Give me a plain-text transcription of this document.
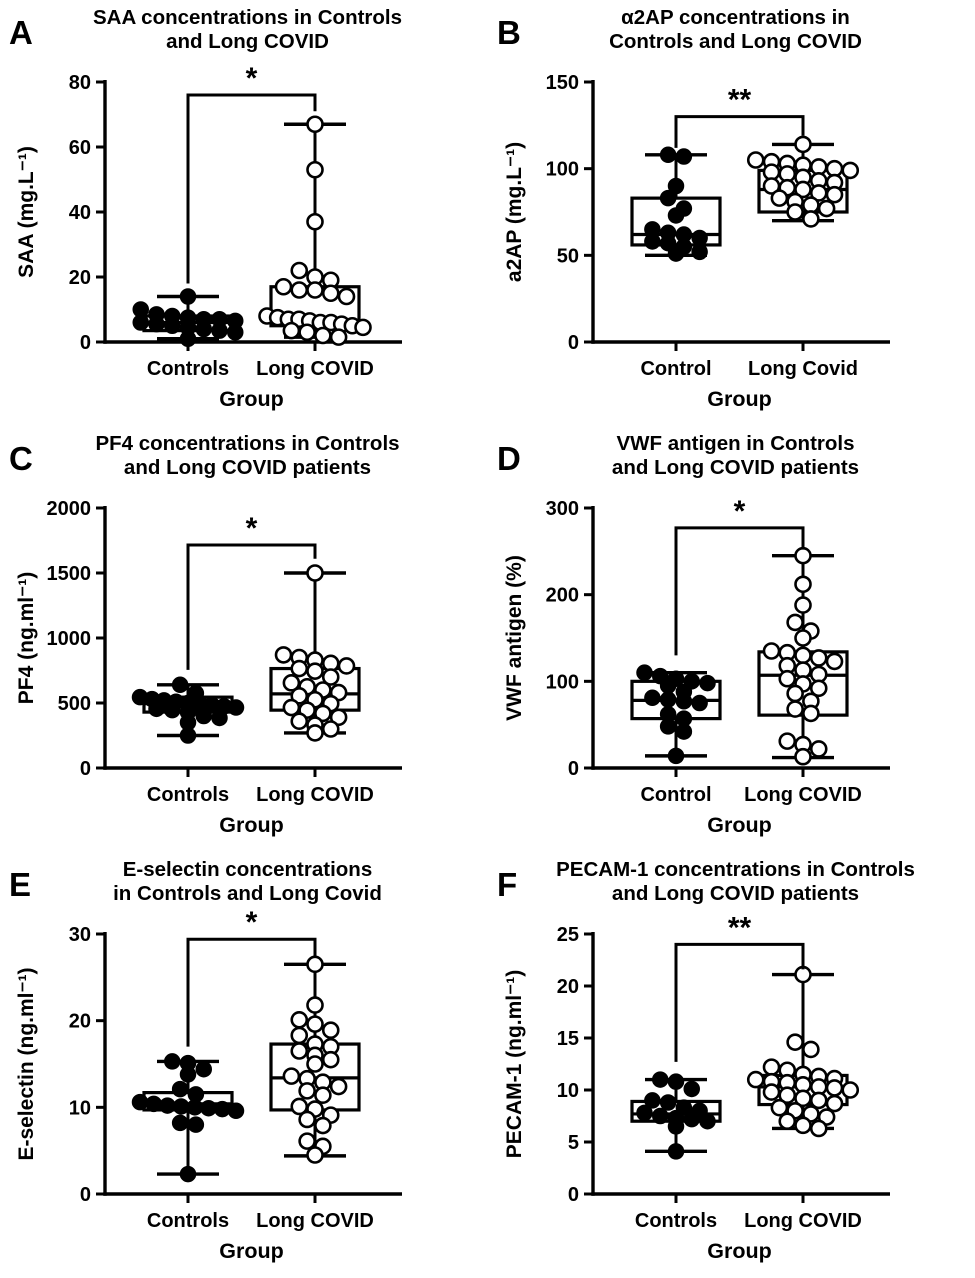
A	SAA concentrations in Controls
and Long COVID
0
20
40
60
80
SAA (mg.L⁻¹)
Controls Long COVID
*
Group
B	α2AP concentrations in
Controls and Long COVID
0
50
100
150
a2AP (mg.L⁻¹)
Control Long Covid
**
Group
C	PF4 concentrations in Controls
and Long COVID patients
0
500
1000
1500
2000
PF4 (ng.ml⁻¹)
Controls Long COVID
*
Group
D	VWF antigen in Controls
and Long COVID patients
0
100
200
300
VWF antigen (%)
Control Long COVID
*
Group
E	E-selectin concentrations
in Controls and Long Covid
0
10
20
30
E-selectin (ng.ml⁻¹)
Controls Long COVID
*
Group
F	PECAM-1 concentrations in Controls
and Long COVID patients
0
5
10
15
20
25
PECAM-1 (ng.ml⁻¹)
Controls Long COVID
**
Group
